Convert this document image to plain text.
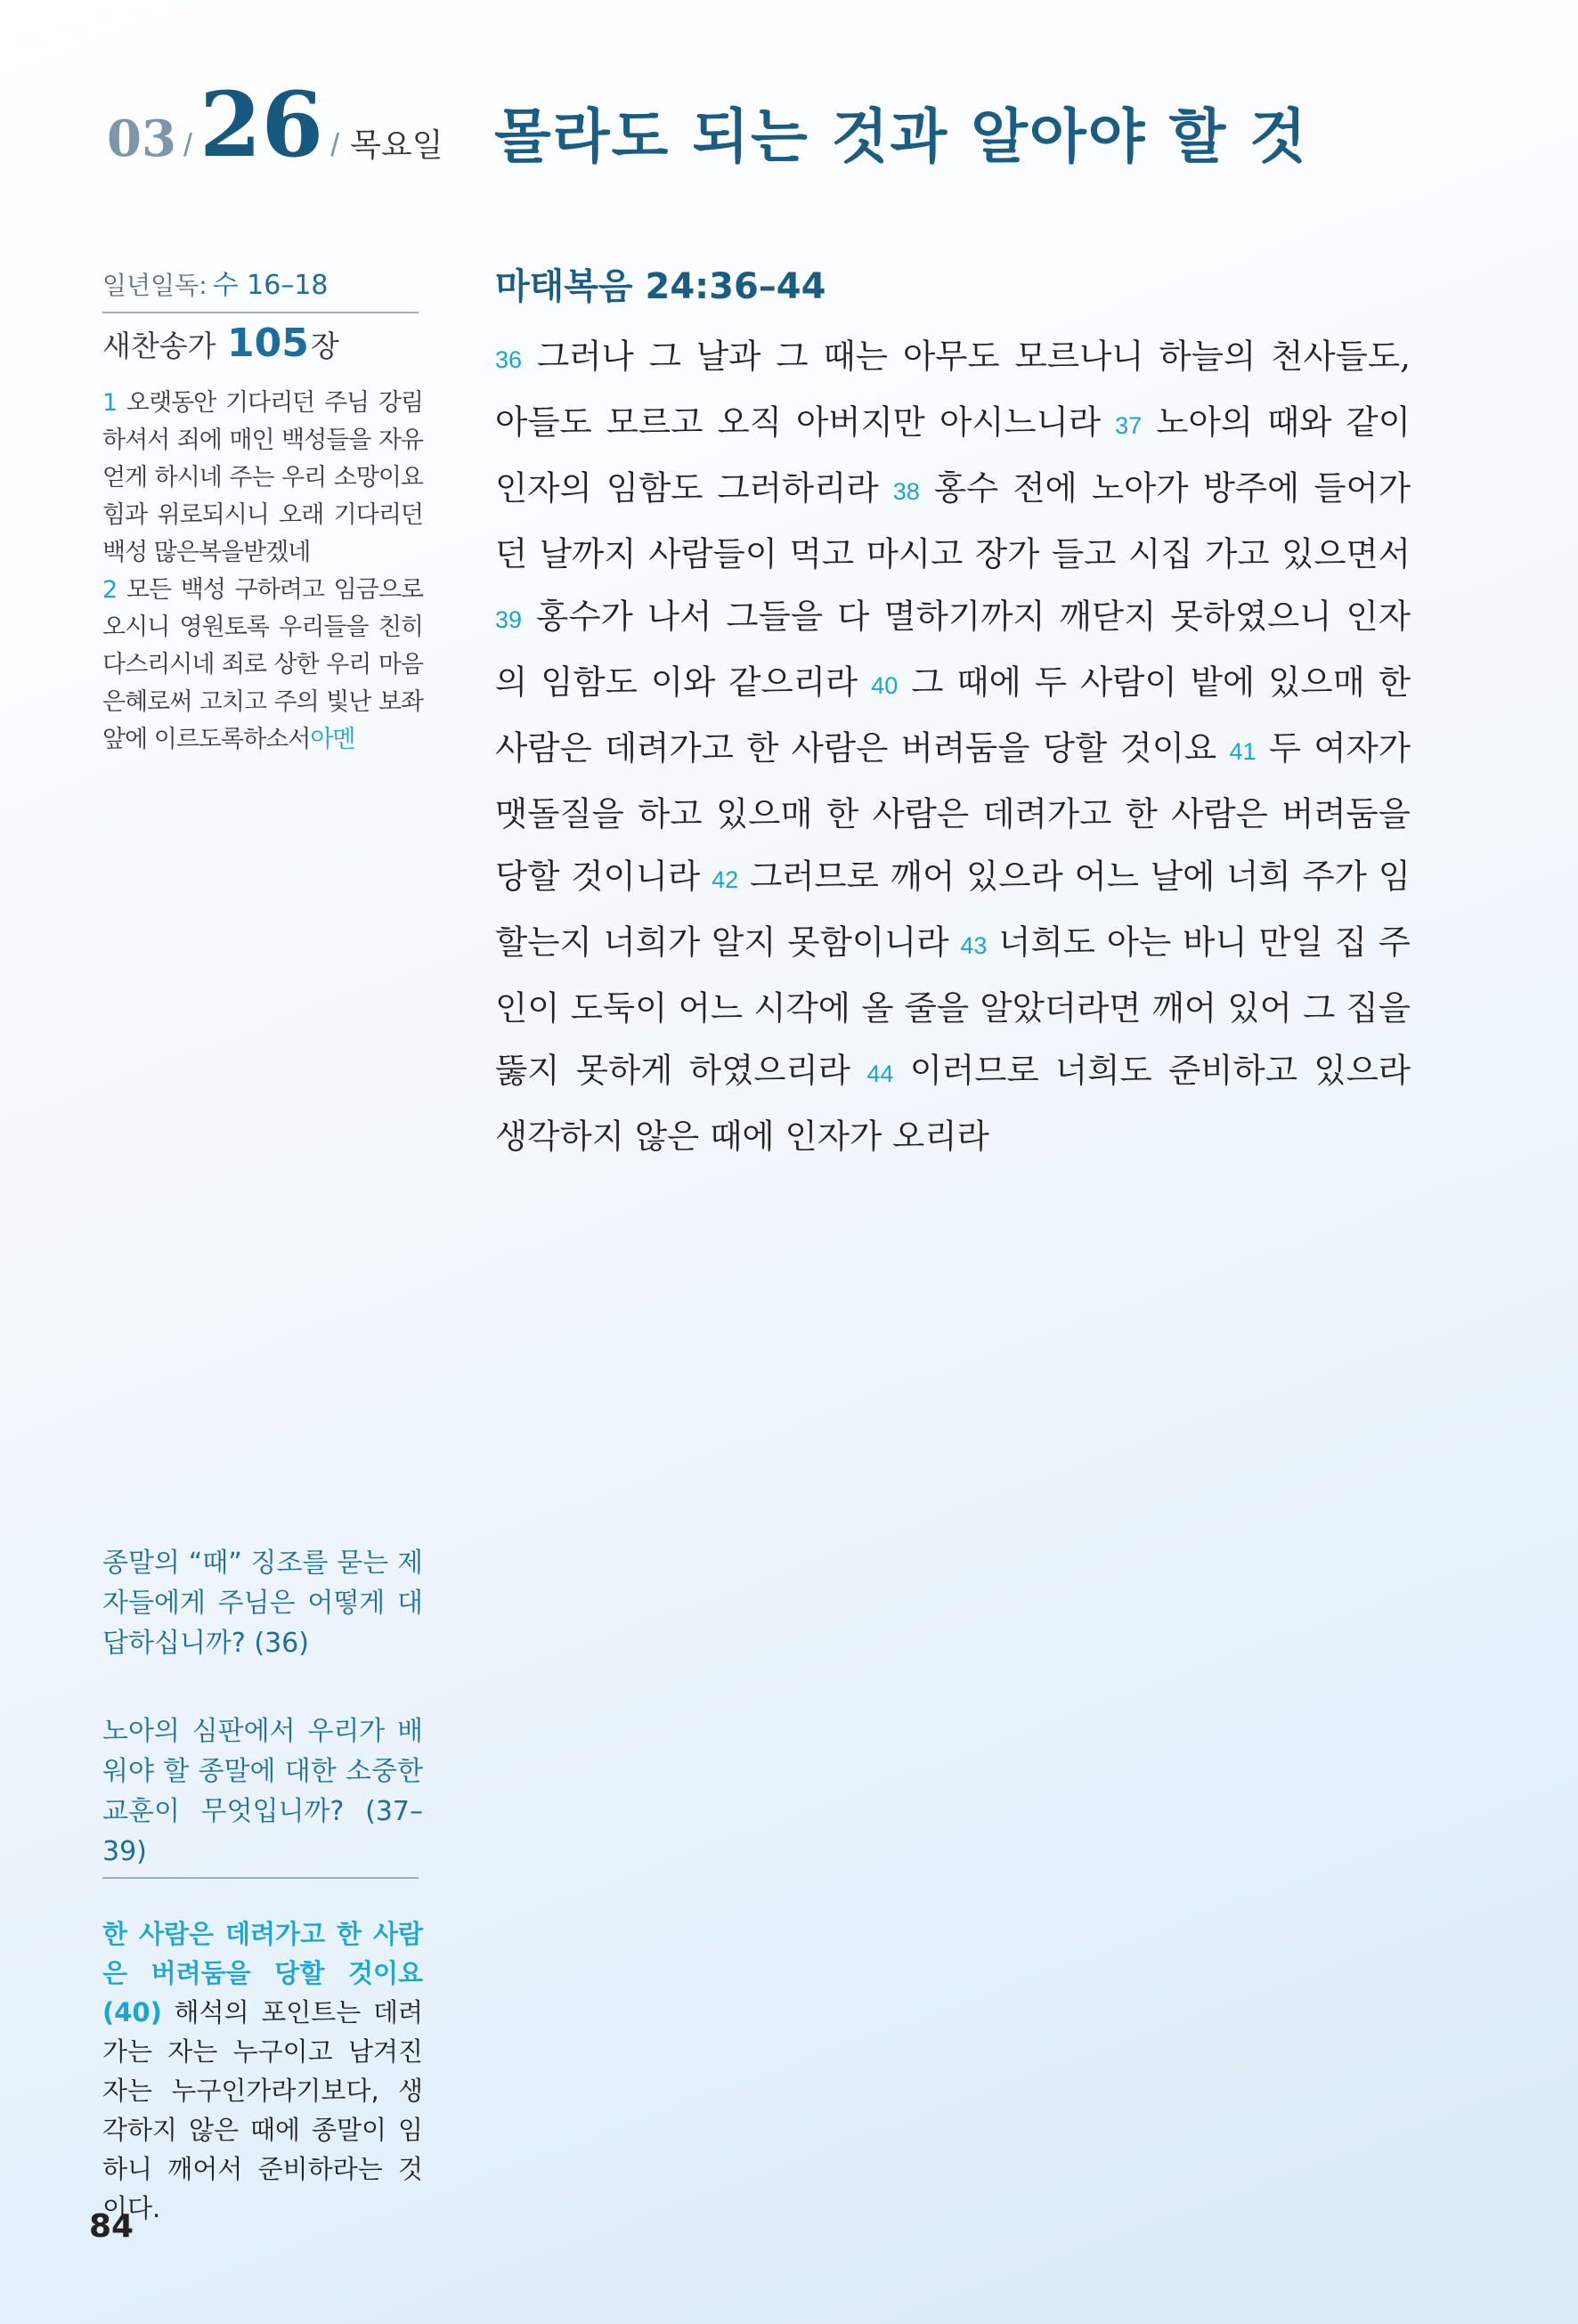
03 / 26 / 목요일 몰라도 되는 것과 알아야 할 것
일년일독: 수 16–18
새찬송가 105장
1 오랫동안 기다리던 주님 강림하셔서 죄에 매인 백성들을 자유 얻게 하시네 주는 우리 소망이요 힘과 위로되시니 오래 기다리던 백성 많은복을받겠네
2 모든 백성 구하려고 임금으로 오시니 영원토록 우리들을 친히 다스리시네 죄로 상한 우리 마음 은혜로써 고치고 주의 빛난 보좌 앞에 이르도록하소서아멘
종말의 “때” 징조를 묻는 제자들에게 주님은 어떻게 대답하십니까? (36)
노아의 심판에서 우리가 배워야 할 종말에 대한 소중한 교훈이 무엇입니까? (37–39)
한 사람은 데려가고 한 사람은 버려둠을 당할 것이요(40) 해석의 포인트는 데려가는 자는 누구이고 남겨진 자는 누구인가라기보다, 생각하지 않은 때에 종말이 임하니 깨어서 준비하라는 것이다.
84
마태복음 24:36–44
36 그러나 그 날과 그 때는 아무도 모르나니 하늘의 천사들도, 아들도 모르고 오직 아버지만 아시느니라 37 노아의 때와 같이 인자의 임함도 그러하리라 38 홍수 전에 노아가 방주에 들어가던 날까지 사람들이 먹고 마시고 장가 들고 시집 가고 있으면서 39 홍수가 나서 그들을 다 멸하기까지 깨닫지 못하였으니 인자의 임함도 이와 같으리라 40 그 때에 두 사람이 밭에 있으매 한 사람은 데려가고 한 사람은 버려둠을 당할 것이요 41 두 여자가 맷돌질을 하고 있으매 한 사람은 데려가고 한 사람은 버려둠을 당할 것이니라 42 그러므로 깨어 있으라 어느 날에 너희 주가 임할는지 너희가 알지 못함이니라 43 너희도 아는 바니 만일 집 주인이 도둑이 어느 시각에 올 줄을 알았더라면 깨어 있어 그 집을 뚫지 못하게 하였으리라 44 이러므로 너희도 준비하고 있으라 생각하지 않은 때에 인자가 오리라
